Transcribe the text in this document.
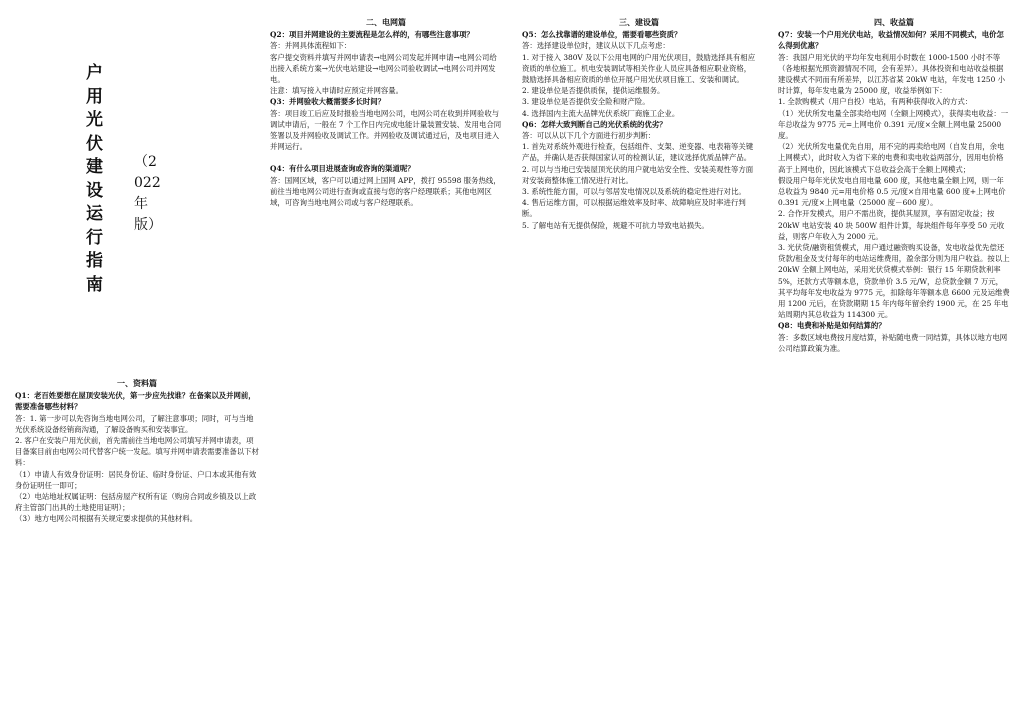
户用光伏建设运行指南
（2022年版）
一、资料篇
Q1：老百姓要想在屋顶安装光伏，第一步应先找谁？在备案以及并网前，需要准备哪些材料？

答：1. 第一步可以先咨询当地电网公司，了解注意事项；同时，可与当地光伏系统设备经销商沟通，了解设备购买和安装事宜。

2. 客户在安装户用光伏前，首先需前往当地电网公司填写并网申请表，项目备案目前由电网公司代替客户统一发起。填写并网申请表需要准备以下材料：

（1）申请人有效身份证明：居民身份证、临时身份证、户口本或其他有效身份证明任一即可；

（2）电站地址权属证明：包括房屋产权所有证（购房合同或乡镇及以上政府主管部门出具的土地使用证明）；

（3）地方电网公司根据有关规定要求提供的其他材料。

二、电网篇
Q2：项目并网建设的主要流程是怎么样的，有哪些注意事项？

答：并网具体流程如下：

客户提交资料并填写并网申请表→电网公司发起并网申请→电网公司给出接入系统方案→光伏电站建设→电网公司验收调试→电网公司并网发电。

注意：填写接入申请时应预定并网容量。

Q3：并网验收大概需要多长时间？

答：项目竣工后应及时报验当地电网公司，电网公司在收到并网验收与调试申请后，一般在 7 个工作日内完成电能计量装置安装、发用电合同签署以及并网验收及调试工作。并网验收及调试通过后，及电项目进入并网运行。

Q4：有什么项目进展查询或咨询的渠道呢？

答：国网区域，客户可以通过网上国网 APP，拨打 95598 服务热线，前往当地电网公司进行查询或直接与您的客户经理联系；其他电网区域，可咨询当地电网公司或与客户经理联系。

三、建设篇
Q5：怎么找靠谱的建设单位，需要看哪些资质？

答：选择建设单位时，建议从以下几点考虑：

1. 对于接入 380V 及以下公用电网的户用光伏项目，鼓励选择具有相应资质的单位施工。机电安装调试等相关作业人员应具备相应职业资格，鼓励选择具备相应资质的单位开展户用光伏项目施工、安装和调试。

2. 建设单位是否提供质保，提供运维服务。

3. 建设单位是否提供安全险和财产险。

4. 选择国内主流大品牌光伏系统厂商施工企业。

Q6：怎样大致判断自己的光伏系统的优劣？

答：可以从以下几个方面进行初步判断：

1. 首先对系统外观进行检查，包括组件、支架、逆变器、电表箱等关键产品，并确认是否获得国家认可的检测认证，建议选择优质品牌产品。

2. 可以与当地已安装屋顶光伏的用户就电站安全性、安装美观性等方面对安装商整体施工情况进行对比。

3. 系统性能方面，可以与邻居发电情况以及系统的稳定性进行对比。

4. 售后运维方面，可以根据运维效率及时率、故障响应及时率进行判断。

5. 了解电站有无提供保险，规避不可抗力导致电站损失。

四、收益篇
Q7：安装一个户用光伏电站，收益情况如何？采用不同模式，电价怎么得到优惠？

答：我国户用光伏的平均年发电利用小时数在 1000-1500 小时不等（各地根据光照资源情况不同，会有差异）。具体投资和电站收益根据建设模式不同而有所差异，以江苏省某 20kW 电站，年发电 1250 小时计算，每年发电量为 25000 度，收益举例如下：

1. 全款购模式（用户自投）电站，有两种获得收入的方式：

（1）光伏所发电量全部卖给电网（全额上网模式），获得卖电收益：一年总收益为 9775 元=上网电价 0.391 元/度×全额上网电量 25000 度。

（2）光伏所发电量优先自用，用不完的再卖给电网（自发自用，余电上网模式），此时收入为省下来的电费和卖电收益两部分，因用电价格高于上网电价，因此该模式下总收益会高于全额上网模式；

假设用户每年光伏发电自用电量 600 度，其他电量全额上网，则一年总收益为 9840 元=用电价格 0.5 元/度×自用电量 600 度+上网电价 0.391 元/度×上网电量（25000 度－600 度）。

2. 合作开发模式，用户不需出资，提供其屋顶，享有固定收益；按 20kW 电站安装 40 块 500W 组件计算，每块组件每年享受 50 元收益，则客户年收入为 2000 元。

3. 光伏贷/融资租赁模式，用户通过融资购买设备，发电收益优先偿还贷款/租金及支付每年的电站运维费用，盈余部分则为用户收益。按以上 20kW 全额上网电站，采用光伏贷模式举例：银行 15 年期贷款利率 5%，还款方式等额本息，贷款单价 3.5 元/W，总贷款金额 7 万元，其平均每年发电收益为 9775 元，扣除每年等额本息 6600 元及运维费用 1200 元后，在贷款期期 15 年内每年留余约 1900 元，在 25 年电站周期内其总收益为 114300 元。

Q8：电费和补贴是如何结算的？

答：多数区域电费按月度结算，补贴随电费一同结算，具体以地方电网公司结算政策为准。
